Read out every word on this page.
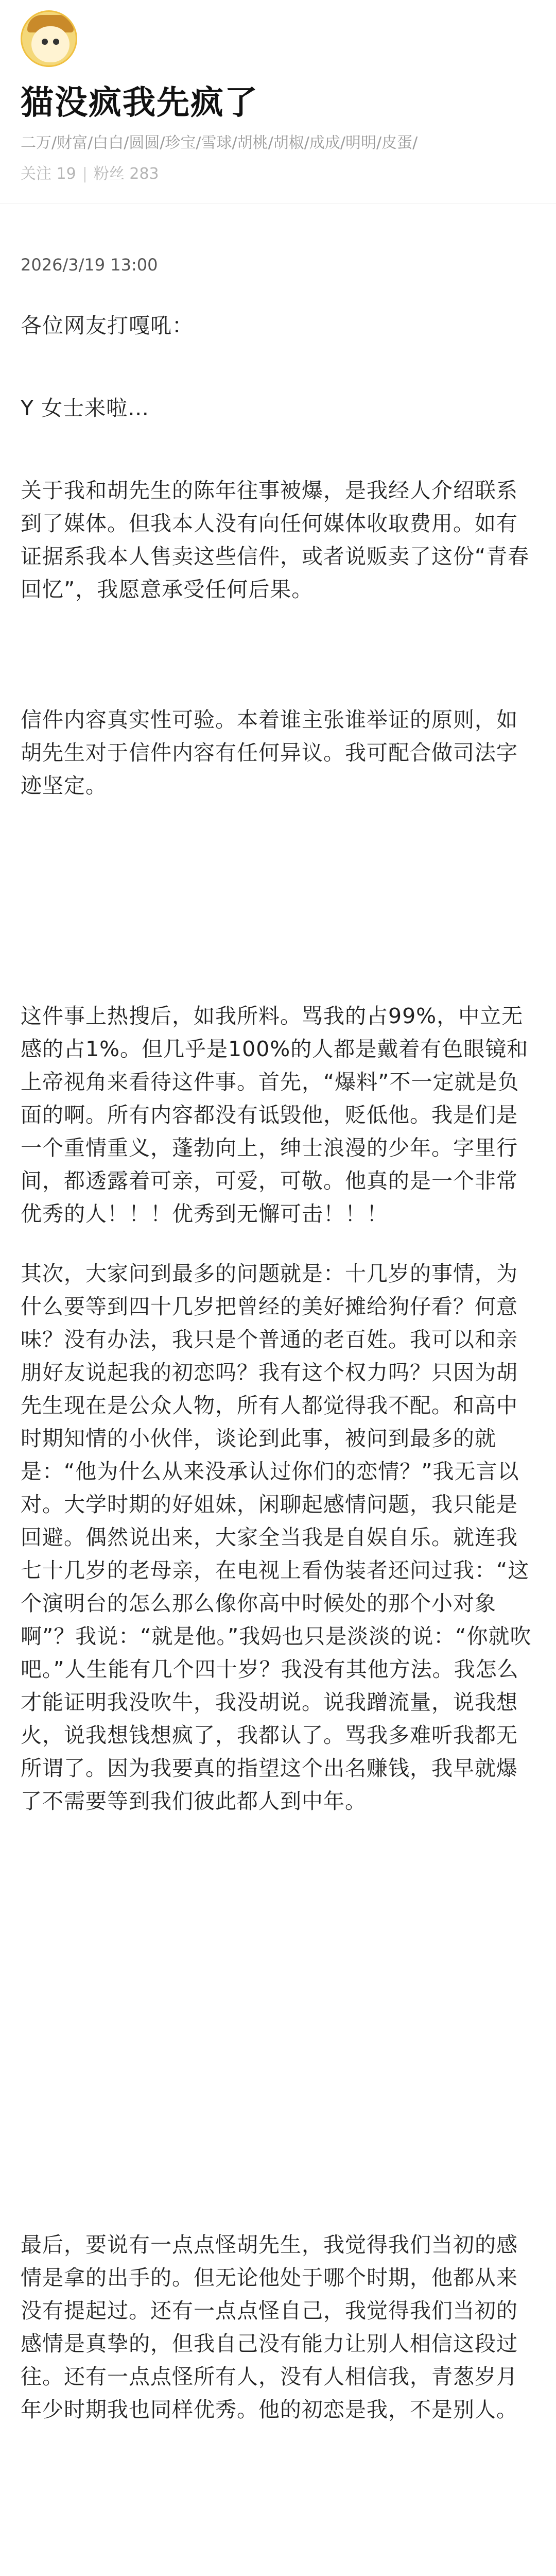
猫没疯我先疯了
二万/财富/白白/圆圆/珍宝/雪球/胡桃/胡椒/成成/明明/皮蛋/
关注 19 | 粉丝 283
2026/3/19 13:00
各位网友打嘎吼：
Y 女士来啦…
关于我和胡先生的陈年往事被爆，是我经人介绍联系到了媒体。但我本人没有向任何媒体收取费用。如有证据系我本人售卖这些信件，或者说贩卖了这份“青春回忆”，我愿意承受任何后果。
信件内容真实性可验。本着谁主张谁举证的原则，如胡先生对于信件内容有任何异议。我可配合做司法字迹坚定。
这件事上热搜后，如我所料。骂我的占99%，中立无感的占1%。但几乎是100%的人都是戴着有色眼镜和上帝视角来看待这件事。首先，“爆料”不一定就是负面的啊。所有内容都没有诋毁他，贬低他。我是们是一个重情重义，蓬勃向上，绅士浪漫的少年。字里行间，都透露着可亲，可爱，可敬。他真的是一个非常优秀的人！！！优秀到无懈可击！！！
其次，大家问到最多的问题就是：十几岁的事情，为什么要等到四十几岁把曾经的美好摊给狗仔看？何意味？没有办法，我只是个普通的老百姓。我可以和亲朋好友说起我的初恋吗？我有这个权力吗？只因为胡先生现在是公众人物，所有人都觉得我不配。和高中时期知情的小伙伴，谈论到此事，被问到最多的就是：“他为什么从来没承认过你们的恋情？”我无言以对。大学时期的好姐妹，闲聊起感情问题，我只能是回避。偶然说出来，大家全当我是自娱自乐。就连我七十几岁的老母亲，在电视上看伪装者还问过我：“这个演明台的怎么那么像你高中时候处的那个小对象啊”？我说：“就是他。”我妈也只是淡淡的说：“你就吹吧。”人生能有几个四十岁？我没有其他方法。我怎么才能证明我没吹牛，我没胡说。说我蹭流量，说我想火，说我想钱想疯了，我都认了。骂我多难听我都无所谓了。因为我要真的指望这个出名赚钱，我早就爆了不需要等到我们彼此都人到中年。
最后，要说有一点点怪胡先生，我觉得我们当初的感情是拿的出手的。但无论他处于哪个时期，他都从来没有提起过。还有一点点怪自己，我觉得我们当初的感情是真挚的，但我自己没有能力让别人相信这段过往。还有一点点怪所有人，没有人相信我，青葱岁月年少时期我也同样优秀。他的初恋是我，不是别人。
